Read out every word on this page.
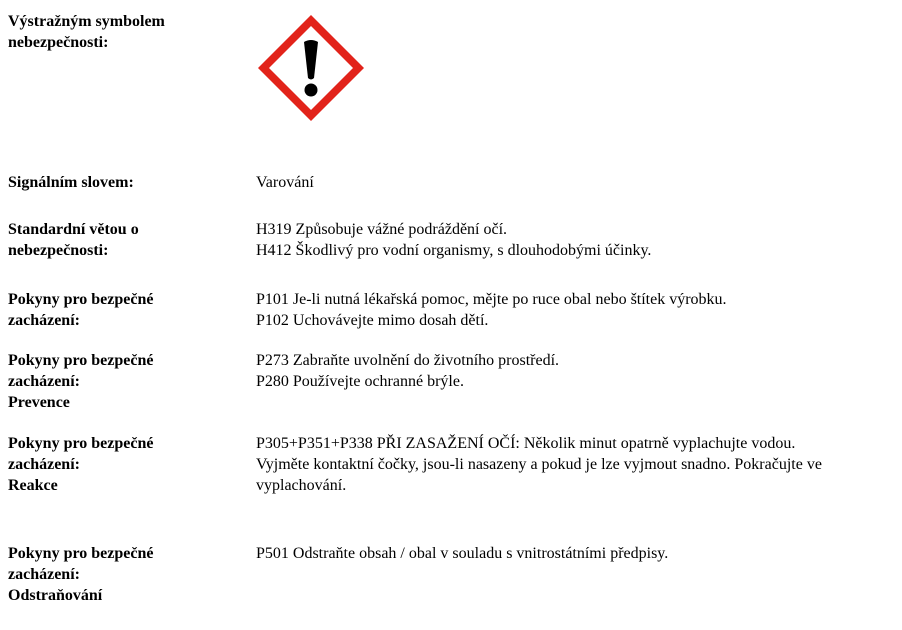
Výstražným symbolem
nebezpečnosti:
Signálním slovem:	Varování
Standardní větou o
nebezpečnosti:
H319 Způsobuje vážné podráždění očí.
H412 Škodlivý pro vodní organismy, s dlouhodobými účinky.
Pokyny pro bezpečné
zacházení:
P101 Je-li nutná lékařská pomoc, mějte po ruce obal nebo štítek výrobku.
P102 Uchovávejte mimo dosah dětí.
Pokyny pro bezpečné
zacházení:
Prevence
P273 Zabraňte uvolnění do životního prostředí.
P280 Používejte ochranné brýle.
Pokyny pro bezpečné
zacházení:
Reakce
P305+P351+P338 PŘI ZASAŽENÍ OČÍ: Několik minut opatrně vyplachujte vodou.
Vyjměte kontaktní čočky, jsou-li nasazeny a pokud je lze vyjmout snadno. Pokračujte ve
vyplachování.
Pokyny pro bezpečné
zacházení:
Odstraňování
P501 Odstraňte obsah / obal v souladu s vnitrostátními předpisy.
